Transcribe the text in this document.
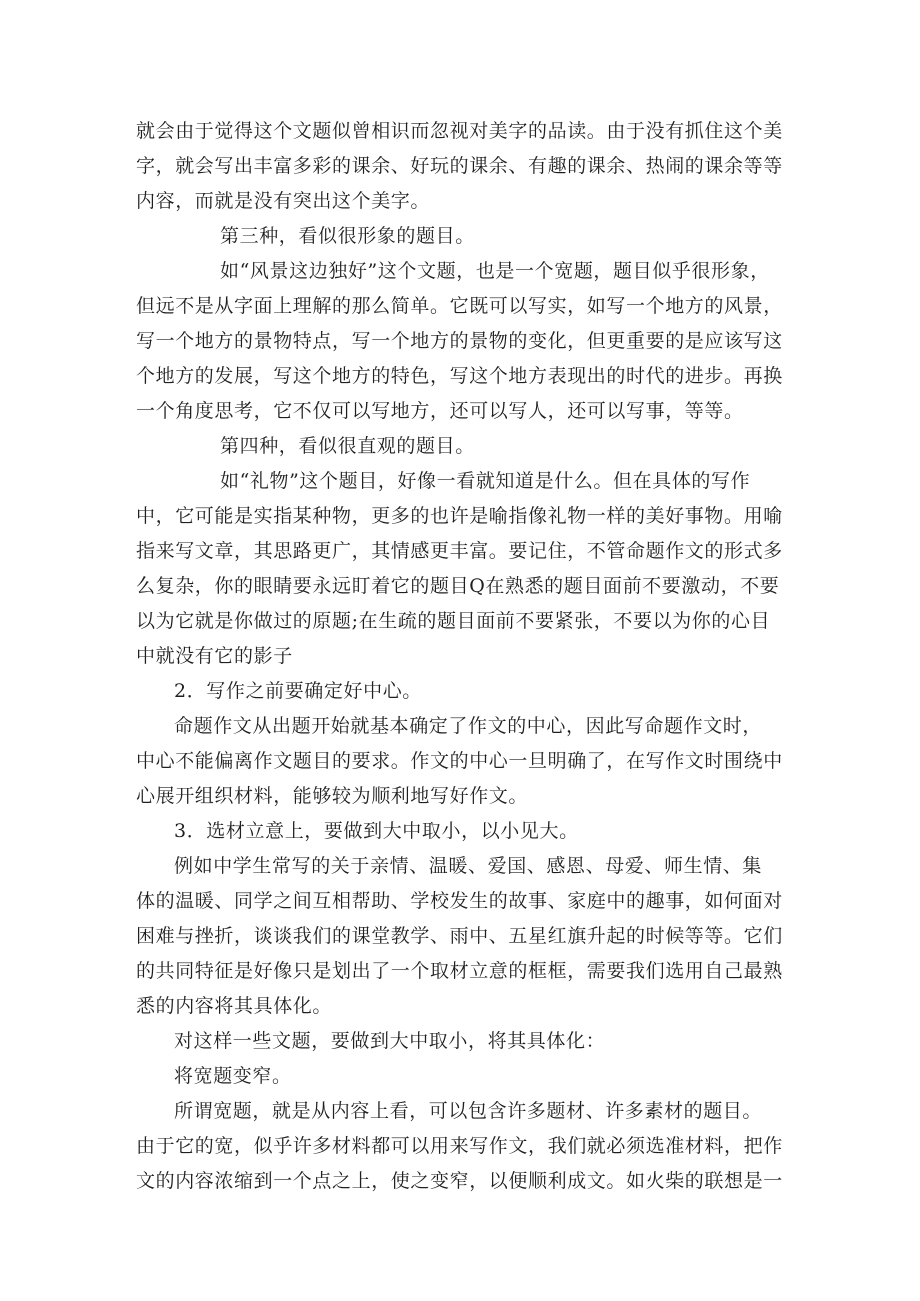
就会由于觉得这个文题似曾相识而忽视对美字的品读。由于没有抓住这个美
字，就会写出丰富多彩的课余、好玩的课余、有趣的课余、热闹的课余等等
内容，而就是没有突出这个美字。
第三种，看似很形象的题目。
如“风景这边独好”这个文题，也是一个宽题，题目似乎很形象，
但远不是从字面上理解的那么简单。它既可以写实，如写一个地方的风景，
写一个地方的景物特点，写一个地方的景物的变化，但更重要的是应该写这
个地方的发展，写这个地方的特色，写这个地方表现出的时代的进步。再换
一个角度思考，它不仅可以写地方，还可以写人，还可以写事，等等。
第四种，看似很直观的题目。
如“礼物”这个题目，好像一看就知道是什么。但在具体的写作
中，它可能是实指某种物，更多的也许是喻指像礼物一样的美好事物。用喻
指来写文章，其思路更广，其情感更丰富。要记住，不管命题作文的形式多
么复杂，你的眼睛要永远盯着它的题目Q在熟悉的题目面前不要激动，不要
以为它就是你做过的原题;在生疏的题目面前不要紧张，不要以为你的心目
中就没有它的影子
2．写作之前要确定好中心。
命题作文从出题开始就基本确定了作文的中心，因此写命题作文时，
中心不能偏离作文题目的要求。作文的中心一旦明确了，在写作文时围绕中
心展开组织材料，能够较为顺利地写好作文。
3．选材立意上，要做到大中取小，以小见大。
例如中学生常写的关于亲情、温暖、爱国、感恩、母爱、师生情、集
体的温暖、同学之间互相帮助、学校发生的故事、家庭中的趣事，如何面对
困难与挫折，谈谈我们的课堂教学、雨中、五星红旗升起的时候等等。它们
的共同特征是好像只是划出了一个取材立意的框框，需要我们选用自己最熟
悉的内容将其具体化。
对这样一些文题，要做到大中取小，将其具体化：
将宽题变窄。
所谓宽题，就是从内容上看，可以包含许多题材、许多素材的题目。
由于它的宽，似乎许多材料都可以用来写作文，我们就必须选准材料，把作
文的内容浓缩到一个点之上，使之变窄，以便顺利成文。如火柴的联想是一
